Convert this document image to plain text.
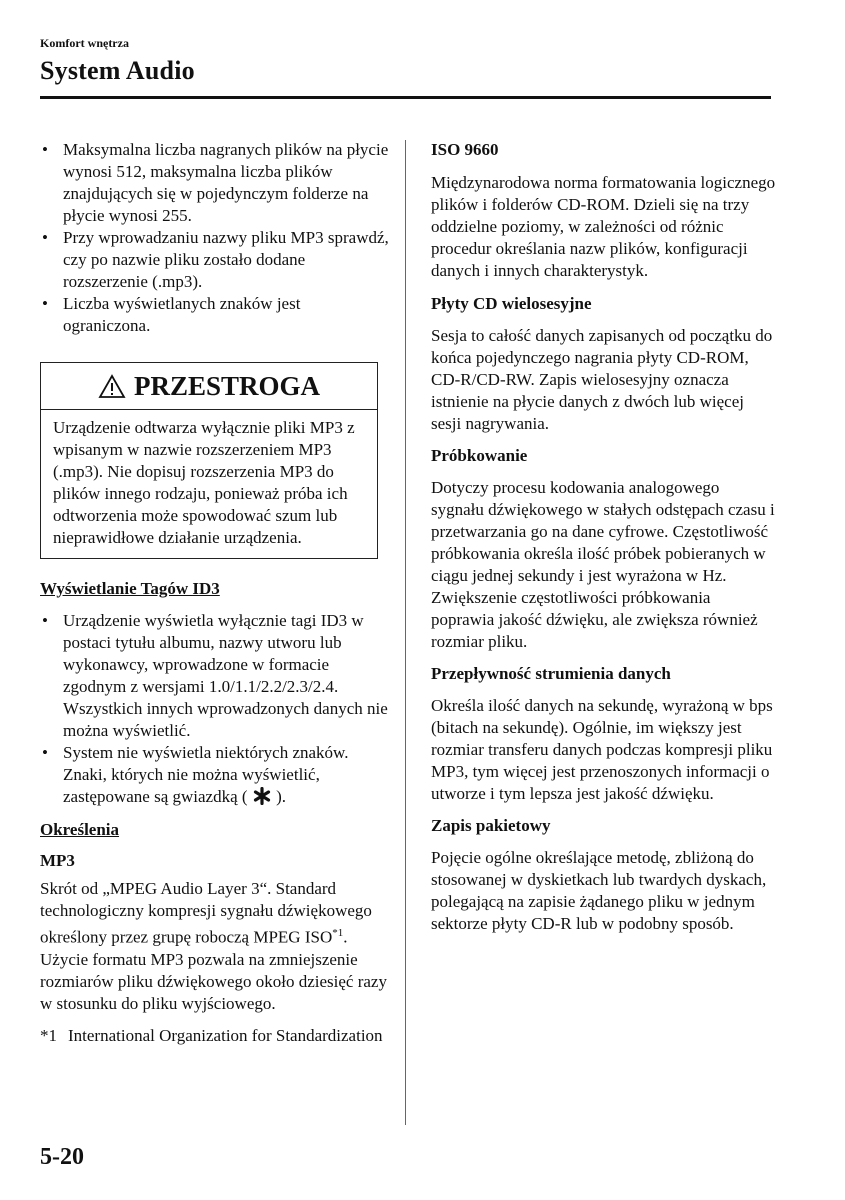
Komfort wnętrza
System Audio
• Maksymalna liczba nagranych plików na płycie wynosi 512, maksymalna liczba plików znajdujących się w pojedynczym folderze na płycie wynosi 255.
• Przy wprowadzaniu nazwy pliku MP3 sprawdź, czy po nazwie pliku zostało dodane rozszerzenie (.mp3).
• Liczba wyświetlanych znaków jest ograniczona.
PRZESTROGA
Urządzenie odtwarza wyłącznie pliki MP3 z wpisanym w nazwie rozszerzeniem MP3 (.mp3). Nie dopisuj rozszerzenia MP3 do plików innego rodzaju, ponieważ próba ich odtworzenia może spowodować szum lub nieprawidłowe działanie urządzenia.
Wyświetlanie Tagów ID3
• Urządzenie wyświetla wyłącznie tagi ID3 w postaci tytułu albumu, nazwy utworu lub wykonawcy, wprowadzone w formacie zgodnym z wersjami 1.0/1.1/2.2/2.3/2.4. Wszystkich innych wprowadzonych danych nie można wyświetlić.
• System nie wyświetla niektórych znaków. Znaki, których nie można wyświetlić, zastępowane są gwiazdką ( ).
Określenia
MP3

Skrót od „MPEG Audio Layer 3“. Standard technologiczny kompresji sygnału dźwiękowego określony przez grupę roboczą MPEG ISO$^{*1}$. Użycie formatu MP3 pozwala na zmniejszenie rozmiarów pliku dźwiękowego około dziesięć razy w stosunku do pliku wyjściowego.

*1 International Organization for Standardization
ISO 9660

Międzynarodowa norma formatowania logicznego plików i folderów CD-ROM. Dzieli się na trzy oddzielne poziomy, w zależności od różnic procedur określania nazw plików, konfiguracji danych i innych charakterystyk.

Płyty CD wielosesyjne

Sesja to całość danych zapisanych od początku do końca pojedynczego nagrania płyty CD-ROM, CD-R/CD-RW. Zapis wielosesyjny oznacza istnienie na płycie danych z dwóch lub więcej sesji nagrywania.

Próbkowanie

Dotyczy procesu kodowania analogowego sygnału dźwiękowego w stałych odstępach czasu i przetwarzania go na dane cyfrowe. Częstotliwość próbkowania określa ilość próbek pobieranych w ciągu jednej sekundy i jest wyrażona w Hz. Zwiększenie częstotliwości próbkowania poprawia jakość dźwięku, ale zwiększa również rozmiar pliku.

Przepływność strumienia danych

Określa ilość danych na sekundę, wyrażoną w bps (bitach na sekundę). Ogólnie, im większy jest rozmiar transferu danych podczas kompresji pliku MP3, tym więcej jest przenoszonych informacji o utworze i tym lepsza jest jakość dźwięku.

Zapis pakietowy

Pojęcie ogólne określające metodę, zbliżoną do stosowanej w dyskietkach lub twardych dyskach, polegającą na zapisie żądanego pliku w jednym sektorze płyty CD-R lub w podobny sposób.

5-20
